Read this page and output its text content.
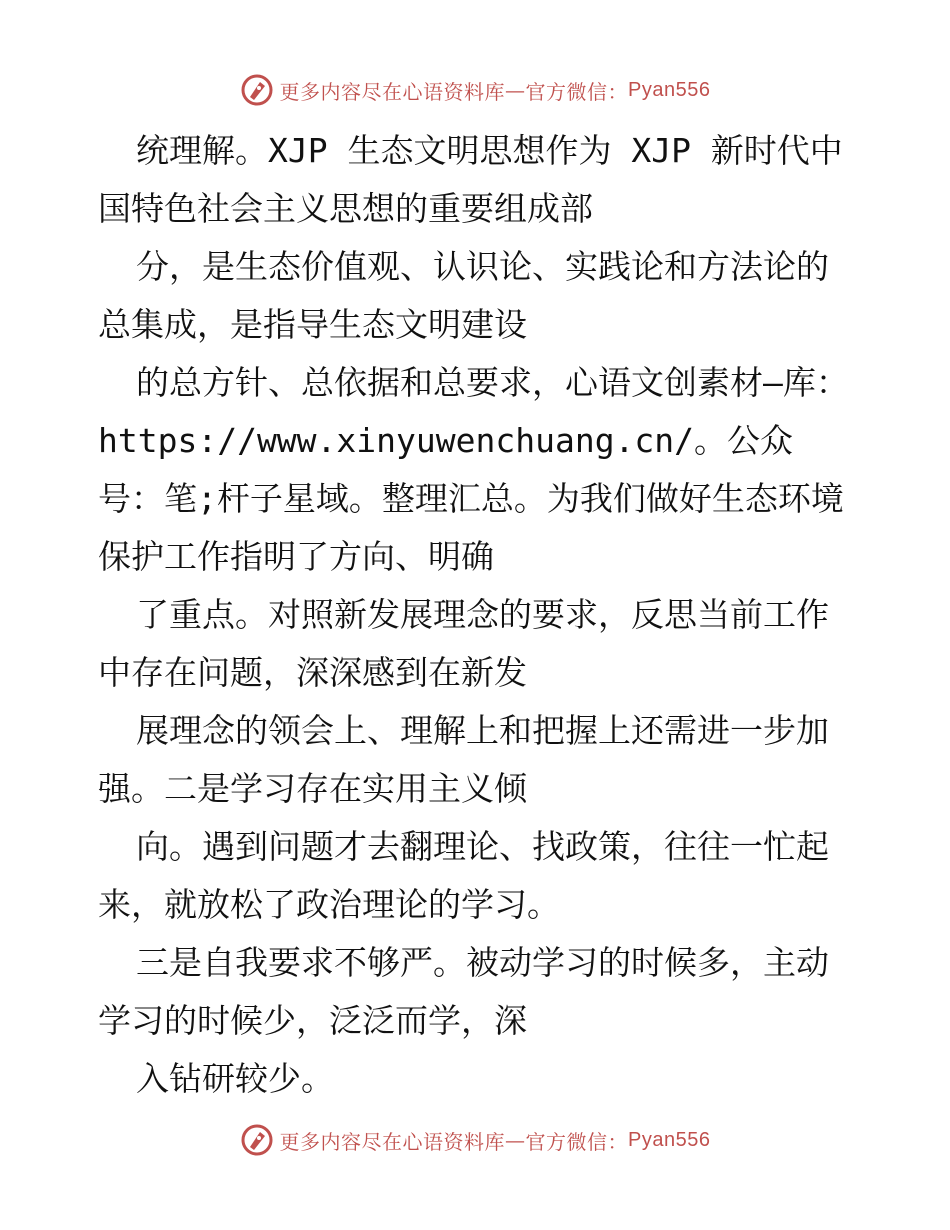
更多内容尽在心语资料库 — 官方微信： Pyan556

统理解。XJP 生态文明思想作为 XJP 新时代中国特色社会主义思想的重要组成部

分，是生态价值观、认识论、实践论和方法论的总集成，是指导生态文明建设

的总方针、总依据和总要求，心语文创素材—库：https://www.xinyuwenchuang.cn/。公众号：笔;杆子星域。整理汇总。为我们做好生态环境保护工作指明了方向、明确

了重点。对照新发展理念的要求，反思当前工作中存在问题，深深感到在新发

展理念的领会上、理解上和把握上还需进一步加强。二是学习存在实用主义倾

向。遇到问题才去翻理论、找政策，往往一忙起来，就放松了政治理论的学习。

三是自我要求不够严。被动学习的时候多，主动学习的时候少，泛泛而学，深

入钻研较少。

更多内容尽在心语资料库 — 官方微信： Pyan556
